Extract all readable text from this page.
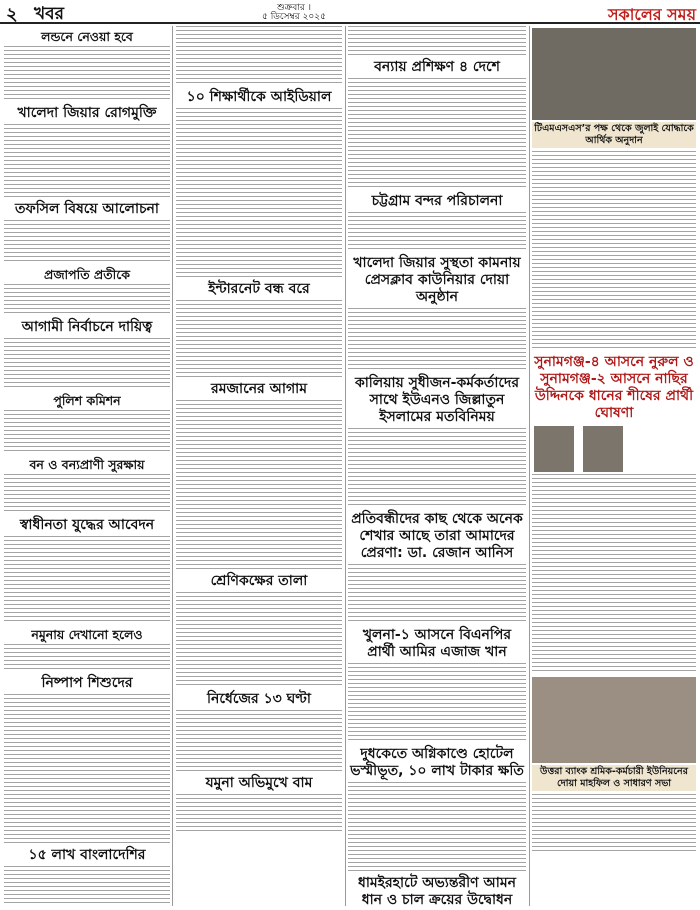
২ খবর	শুক্রবার ।
৫ ডিসেম্বর ২০২৫	সকালের সময়
লন্ডনে নেওয়া হবে
খালেদা জিয়ার রোগমুক্তি
তফসিল বিষয়ে আলোচনা
প্রজাপতি প্রতীকে
আগামী নির্বাচনে দায়িত্ব
পুলিশ কমিশন
বন ও বন্যপ্রাণী সুরক্ষায়
স্বাধীনতা যুদ্ধের আবেদন
নমুনায় দেখানো হলেও
নিষ্পাপ শিশুদের
১৫ লাখ বাংলাদেশির
১০ শিক্ষার্থীকে আইডিয়াল
ইন্টারনেট বন্ধ বরে
রমজানের আগাম
শ্রেণিকক্ষের তালা
নির্ধেজের ১৩ ঘণ্টা
যমুনা অভিমুখে বাম
বন্যায় প্রশিক্ষণ ৪ দেশে
চট্টগ্রাম বন্দর পরিচালনা
খালেদা জিয়ার সুস্থতা কামনায় প্রেসক্লাব কাউনিয়ার দোয়া অনুষ্ঠান
কালিয়ায় সুধীজন-কর্মকর্তাদের সাথে ইউএনও জিল্লাতুন ইসলামের মতবিনিময়
প্রতিবন্ধীদের কাছ থেকে অনেক শেখার আছে তারা আমাদের প্রেরণা: ডা. রেজান আনিস
খুলনা-১ আসনে বিএনপির প্রার্থী আমির এজাজ খান
দুধকেতে অগ্নিকাণ্ডে হোটেল ভস্মীভূত, ১০ লাখ টাকার ক্ষতি
ধামইরহাটে অভ্যন্তরীণ আমন ধান ও চাল ক্রয়ের উদ্বোধন
টিএমএসএস’র পক্ষ থেকে জুলাই যোদ্ধাকে আর্থিক অনুদান
সুনামগঞ্জ-৪ আসনে নুরুল ও সুনামগঞ্জ-২ আসনে নাছির উদ্দিনকে ধানের শীষের প্রার্থী ঘোষণা

উত্তরা ব্যাংক শ্রমিক-কর্মচারী ইউনিয়নের দোয়া মাহফিল ও সাধারণ সভা
